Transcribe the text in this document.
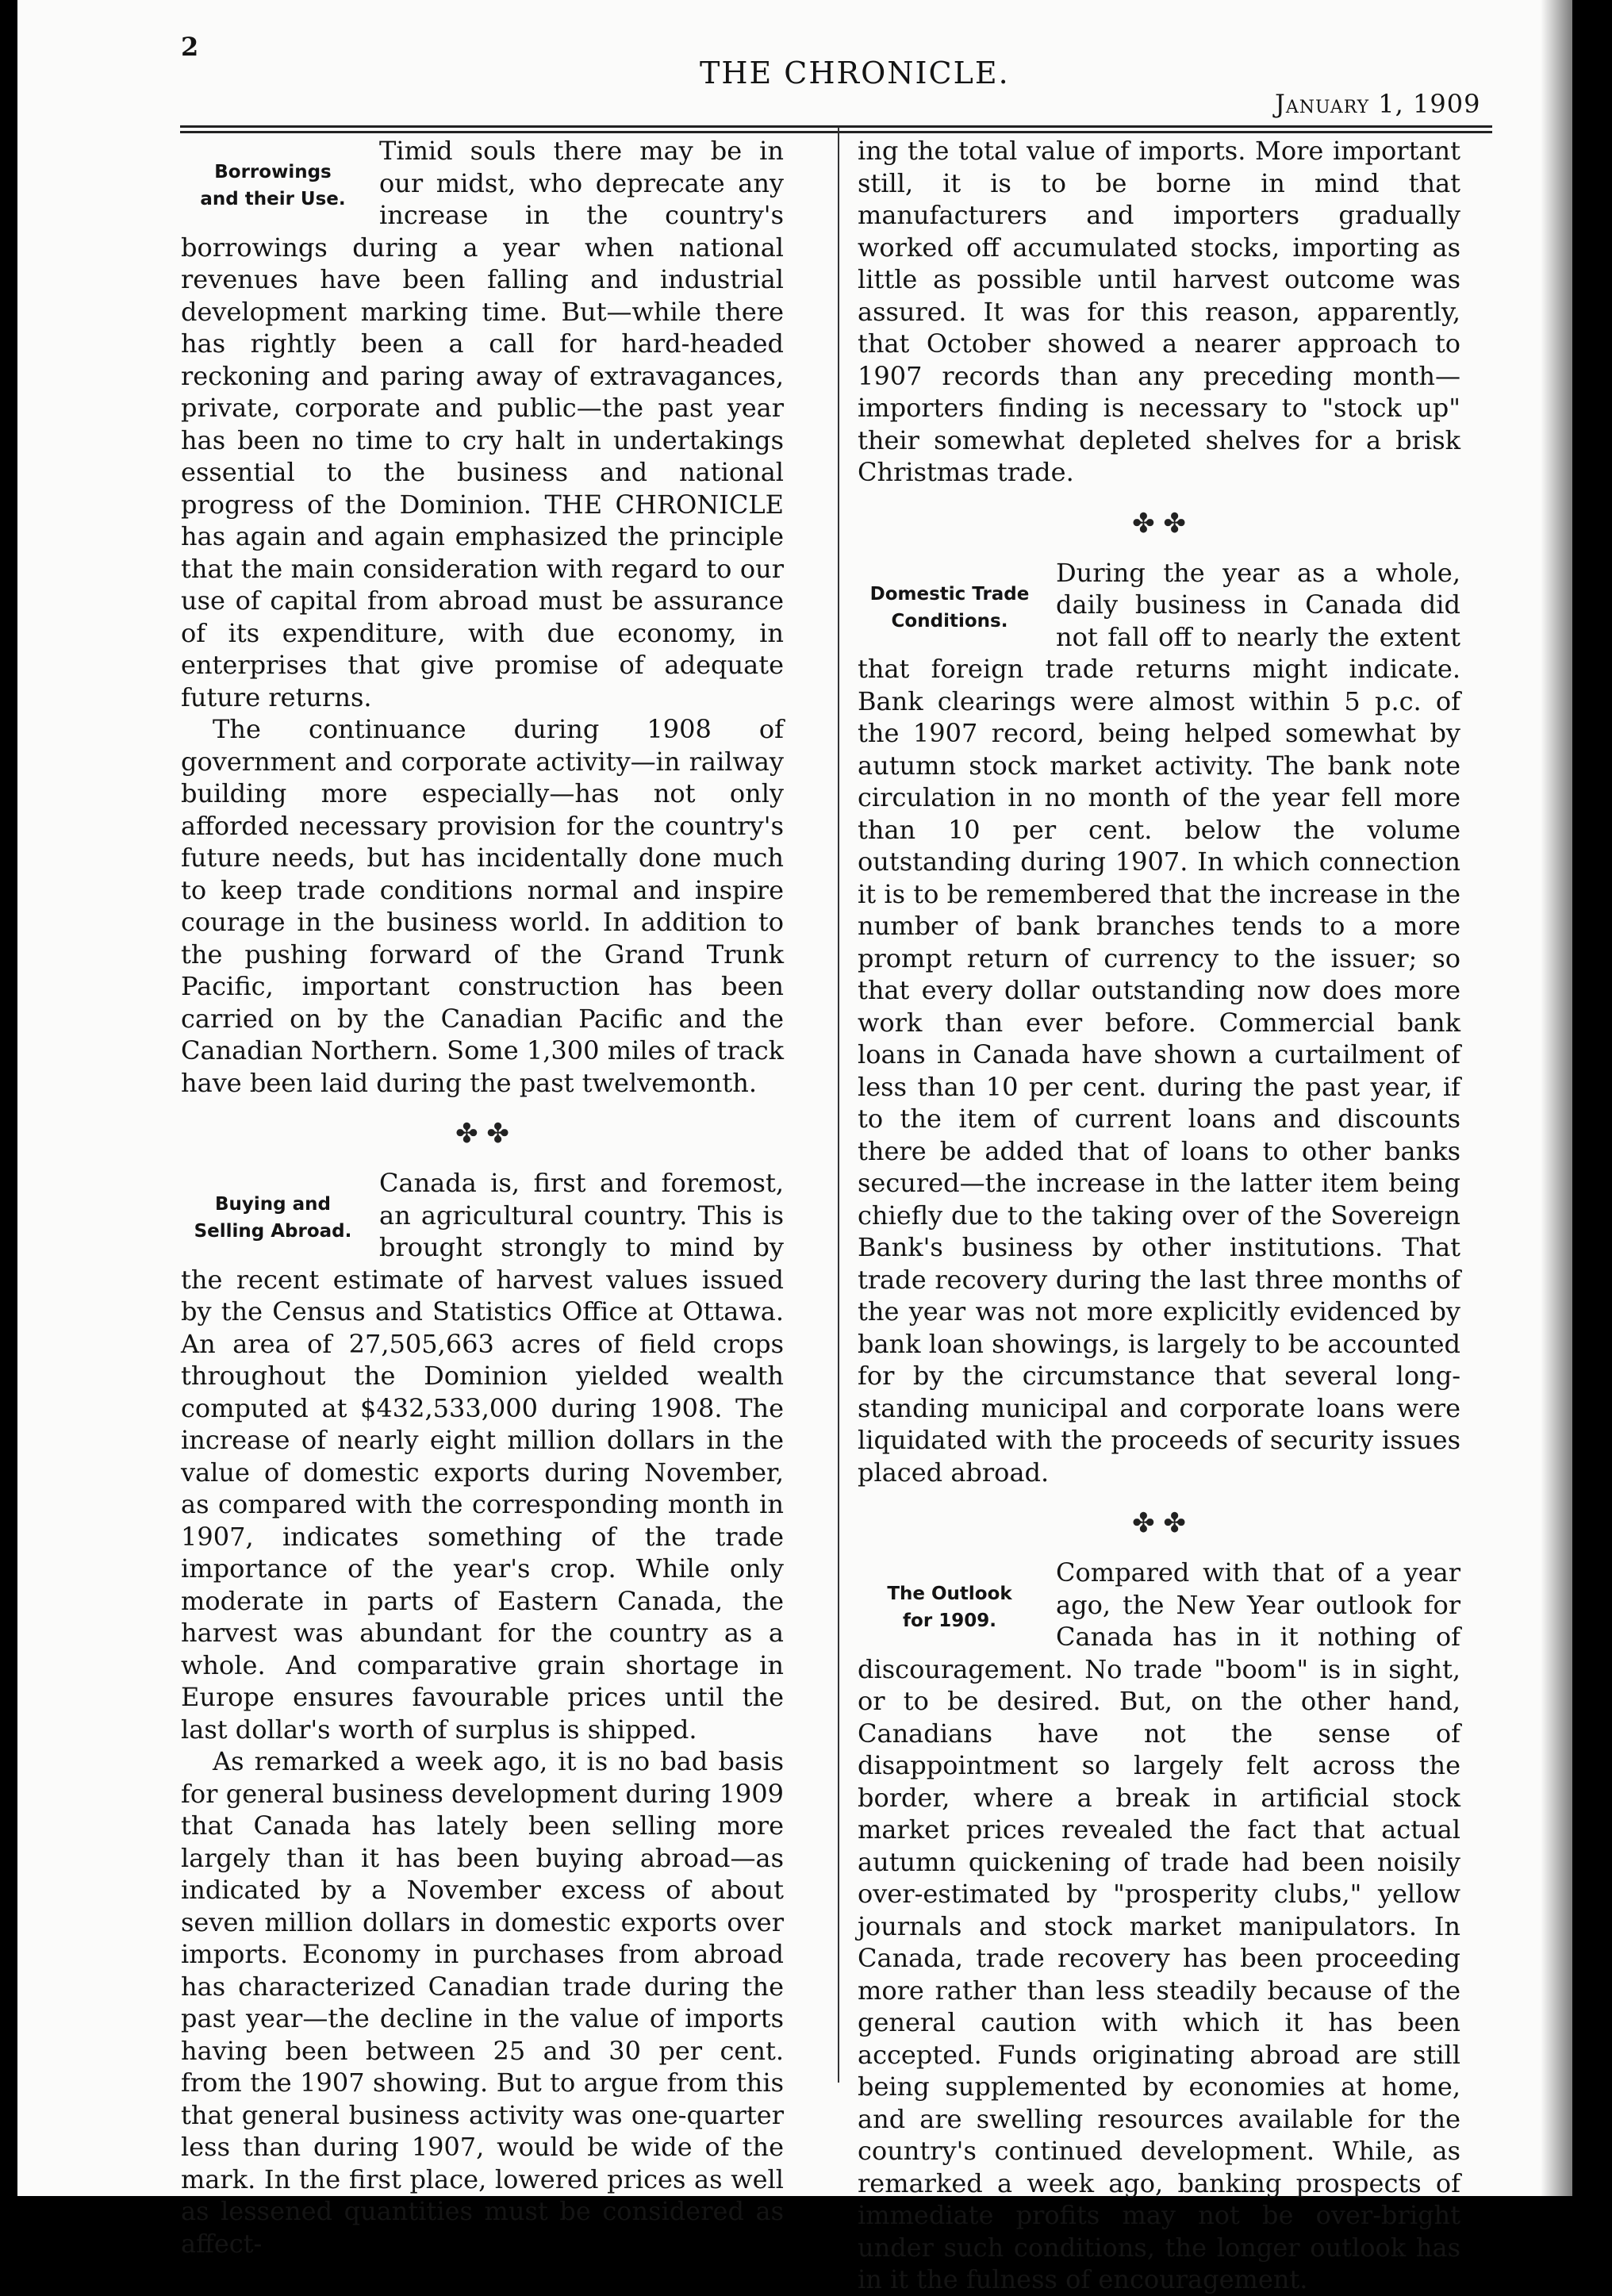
2
THE CHRONICLE.
January 1, 1909
Borrowings
and their Use.

Timid souls there may be in our midst, who deprecate any increase in the country's borrowings during a year when national revenues have been falling and industrial development marking time. But—while there has rightly been a call for hard-headed reckoning and paring away of extravagances, private, corporate and public—the past year has been no time to cry halt in undertakings essential to the business and national progress of the Dominion. THE CHRONICLE has again and again emphasized the principle that the main consideration with regard to our use of capital from abroad must be assurance of its expenditure, with due economy, in enterprises that give promise of adequate future returns.

The continuance during 1908 of government and corporate activity—in railway building more especially—has not only afforded necessary provision for the country's future needs, but has incidentally done much to keep trade conditions normal and inspire courage in the business world. In addition to the pushing forward of the Grand Trunk Pacific, important construction has been carried on by the Canadian Pacific and the Canadian Northern. Some 1,300 miles of track have been laid during the past twelvemonth.

✤ ✤
Buying and
Selling Abroad.

Canada is, first and foremost, an agricultural country. This is brought strongly to mind by the recent estimate of harvest values issued by the Census and Statistics Office at Ottawa. An area of 27,505,663 acres of field crops throughout the Dominion yielded wealth computed at $432,533,000 during 1908. The increase of nearly eight million dollars in the value of domestic exports during November, as compared with the corresponding month in 1907, indicates something of the trade importance of the year's crop. While only moderate in parts of Eastern Canada, the harvest was abundant for the country as a whole. And comparative grain shortage in Europe ensures favourable prices until the last dollar's worth of surplus is shipped.

As remarked a week ago, it is no bad basis for general business development during 1909 that Canada has lately been selling more largely than it has been buying abroad—as indicated by a November excess of about seven million dollars in domestic exports over imports. Economy in purchases from abroad has characterized Canadian trade during the past year—the decline in the value of imports having been between 25 and 30 per cent. from the 1907 showing. But to argue from this that general business activity was one-quarter less than during 1907, would be wide of the mark. In the first place, lowered prices as well as lessened quantities must be considered as affect-

ing the total value of imports. More important still, it is to be borne in mind that manufacturers and importers gradually worked off accumulated stocks, importing as little as possible until harvest outcome was assured. It was for this reason, apparently, that October showed a nearer approach to 1907 records than any preceding month—importers finding is necessary to "stock up" their somewhat depleted shelves for a brisk Christmas trade.

✤ ✤
Domestic Trade
Conditions.

During the year as a whole, daily business in Canada did not fall off to nearly the extent that foreign trade returns might indicate. Bank clearings were almost within 5 p.c. of the 1907 record, being helped somewhat by autumn stock market activity. The bank note circulation in no month of the year fell more than 10 per cent. below the volume outstanding during 1907. In which connection it is to be remembered that the increase in the number of bank branches tends to a more prompt return of currency to the issuer; so that every dollar outstanding now does more work than ever before. Commercial bank loans in Canada have shown a curtailment of less than 10 per cent. during the past year, if to the item of current loans and discounts there be added that of loans to other banks secured—the increase in the latter item being chiefly due to the taking over of the Sovereign Bank's business by other institutions. That trade recovery during the last three months of the year was not more explicitly evidenced by bank loan showings, is largely to be accounted for by the circumstance that several long-standing municipal and corporate loans were liquidated with the proceeds of security issues placed abroad.

✤ ✤
The Outlook
for 1909.

Compared with that of a year ago, the New Year outlook for Canada has in it nothing of discouragement. No trade "boom" is in sight, or to be desired. But, on the other hand, Canadians have not the sense of disappointment so largely felt across the border, where a break in artificial stock market prices revealed the fact that actual autumn quickening of trade had been noisily over-estimated by "prosperity clubs," yellow journals and stock market manipulators. In Canada, trade recovery has been proceeding more rather than less steadily because of the general caution with which it has been accepted. Funds originating abroad are still being supplemented by economies at home, and are swelling resources available for the country's continued development. While, as remarked a week ago, banking prospects of immediate profits may not be over-bright under such conditions, the longer outlook has in it the fulness of encouragement.
